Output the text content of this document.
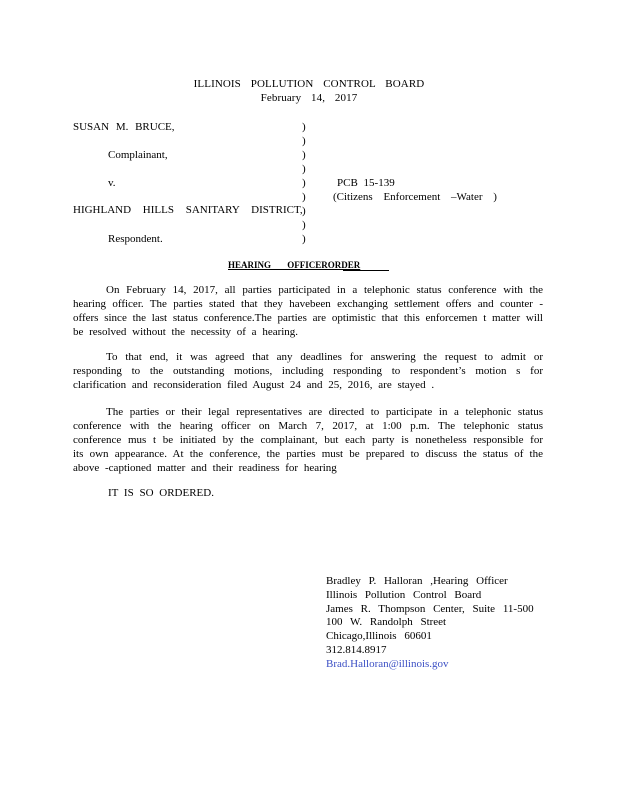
ILLINOIS POLLUTION CONTROL BOARD
February 14, 2017
SUSAN M. BRUCE,
Complainant,
v.
HIGHLAND HILLS SANITARY DISTRICT,
Respondent.
)
)
)
)
)
)
)
)
)
PCB 15-139
(Citizens Enforcement –Water )
HEARING OFFICERORDER
On February 14, 2017, all parties participated in a telephonic status conference with the hearing officer. The parties stated that they havebeen exchanging settlement offers and counter -offers since the last status conference.The parties are optimistic that this enforcemen t matter will be resolved without the necessity of a hearing.
To that end, it was agreed that any deadlines for answering the request to admit or responding to the outstanding motions, including responding to respondent’s motion s for clarification and reconsideration filed August 24 and 25, 2016, are stayed .
The parties or their legal representatives are directed to participate in a telephonic status conference with the hearing officer on March 7, 2017, at 1:00 p.m. The telephonic status conference mus t be initiated by the complainant, but each party is nonetheless responsible for its own appearance. At the conference, the parties must be prepared to discuss the status of the above -captioned matter and their readiness for hearing
IT IS SO ORDERED.
Bradley P. Halloran ,Hearing Officer
Illinois Pollution Control Board
James R. Thompson Center, Suite 11-500
100 W. Randolph Street
Chicago,Illinois 60601
312.814.8917
Brad.Halloran@illinois.gov
